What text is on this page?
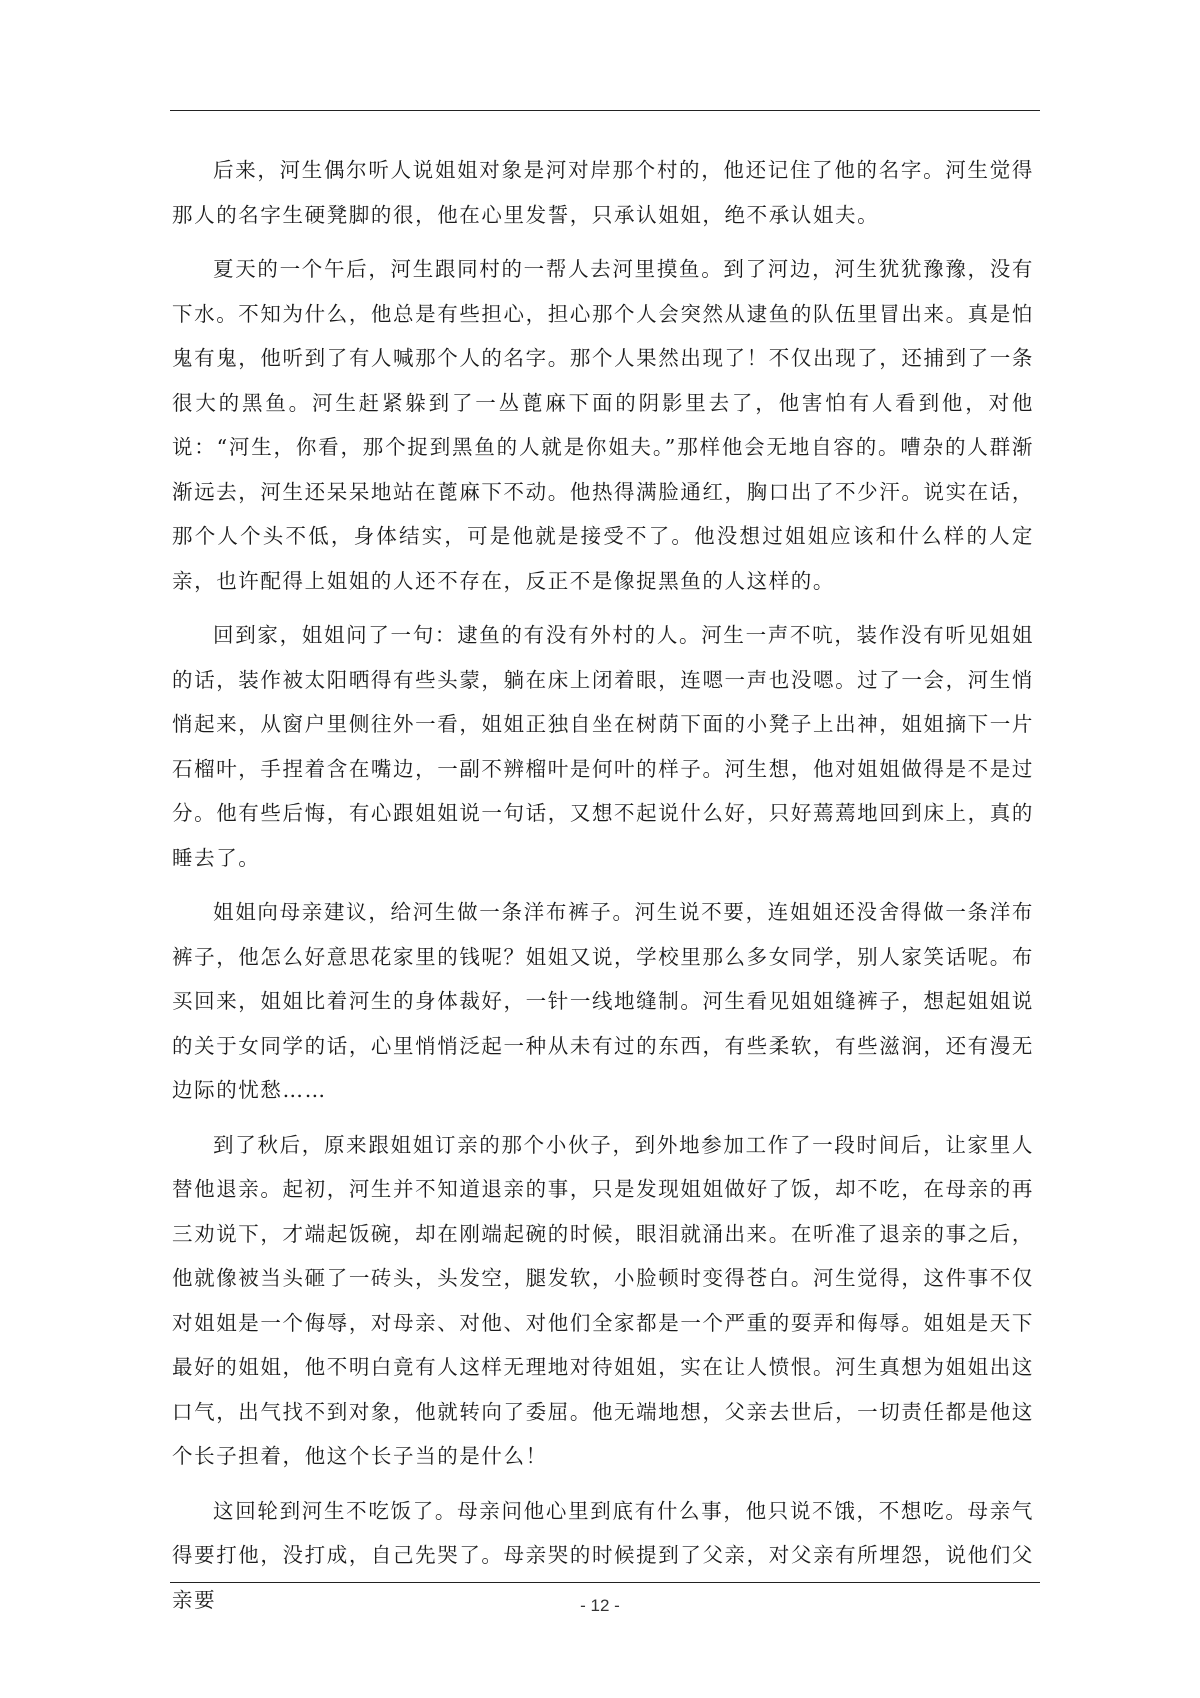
后来，河生偶尔听人说姐姐对象是河对岸那个村的，他还记住了他的名字。河生觉得那人的名字生硬凳脚的很，他在心里发誓，只承认姐姐，绝不承认姐夫。

夏天的一个午后，河生跟同村的一帮人去河里摸鱼。到了河边，河生犹犹豫豫，没有下水。不知为什么，他总是有些担心，担心那个人会突然从逮鱼的队伍里冒出来。真是怕鬼有鬼，他听到了有人喊那个人的名字。那个人果然出现了！不仅出现了，还捕到了一条很大的黑鱼。河生赶紧躲到了一丛蓖麻下面的阴影里去了，他害怕有人看到他，对他说：“河生，你看，那个捉到黑鱼的人就是你姐夫。”那样他会无地自容的。嘈杂的人群渐渐远去，河生还呆呆地站在蓖麻下不动。他热得满脸通红，胸口出了不少汗。说实在话，那个人个头不低，身体结实，可是他就是接受不了。他没想过姐姐应该和什么样的人定亲，也许配得上姐姐的人还不存在，反正不是像捉黑鱼的人这样的。

回到家，姐姐问了一句：逮鱼的有没有外村的人。河生一声不吭，装作没有听见姐姐的话，装作被太阳晒得有些头蒙，躺在床上闭着眼，连嗯一声也没嗯。过了一会，河生悄悄起来，从窗户里侧往外一看，姐姐正独自坐在树荫下面的小凳子上出神，姐姐摘下一片石榴叶，手捏着含在嘴边，一副不辨榴叶是何叶的样子。河生想，他对姐姐做得是不是过分。他有些后悔，有心跟姐姐说一句话，又想不起说什么好，只好蔫蔫地回到床上，真的睡去了。

姐姐向母亲建议，给河生做一条洋布裤子。河生说不要，连姐姐还没舍得做一条洋布裤子，他怎么好意思花家里的钱呢？姐姐又说，学校里那么多女同学，别人家笑话呢。布买回来，姐姐比着河生的身体裁好，一针一线地缝制。河生看见姐姐缝裤子，想起姐姐说的关于女同学的话，心里悄悄泛起一种从未有过的东西，有些柔软，有些滋润，还有漫无边际的忧愁……

到了秋后，原来跟姐姐订亲的那个小伙子，到外地参加工作了一段时间后，让家里人替他退亲。起初，河生并不知道退亲的事，只是发现姐姐做好了饭，却不吃，在母亲的再三劝说下，才端起饭碗，却在刚端起碗的时候，眼泪就涌出来。在听准了退亲的事之后，他就像被当头砸了一砖头，头发空，腿发软，小脸顿时变得苍白。河生觉得，这件事不仅对姐姐是一个侮辱，对母亲、对他、对他们全家都是一个严重的耍弄和侮辱。姐姐是天下最好的姐姐，他不明白竟有人这样无理地对待姐姐，实在让人愤恨。河生真想为姐姐出这口气，出气找不到对象，他就转向了委屈。他无端地想，父亲去世后，一切责任都是他这个长子担着，他这个长子当的是什么！

这回轮到河生不吃饭了。母亲问他心里到底有什么事，他只说不饿，不想吃。母亲气得要打他，没打成，自己先哭了。母亲哭的时候提到了父亲，对父亲有所埋怨，说他们父亲要	- 12 -
